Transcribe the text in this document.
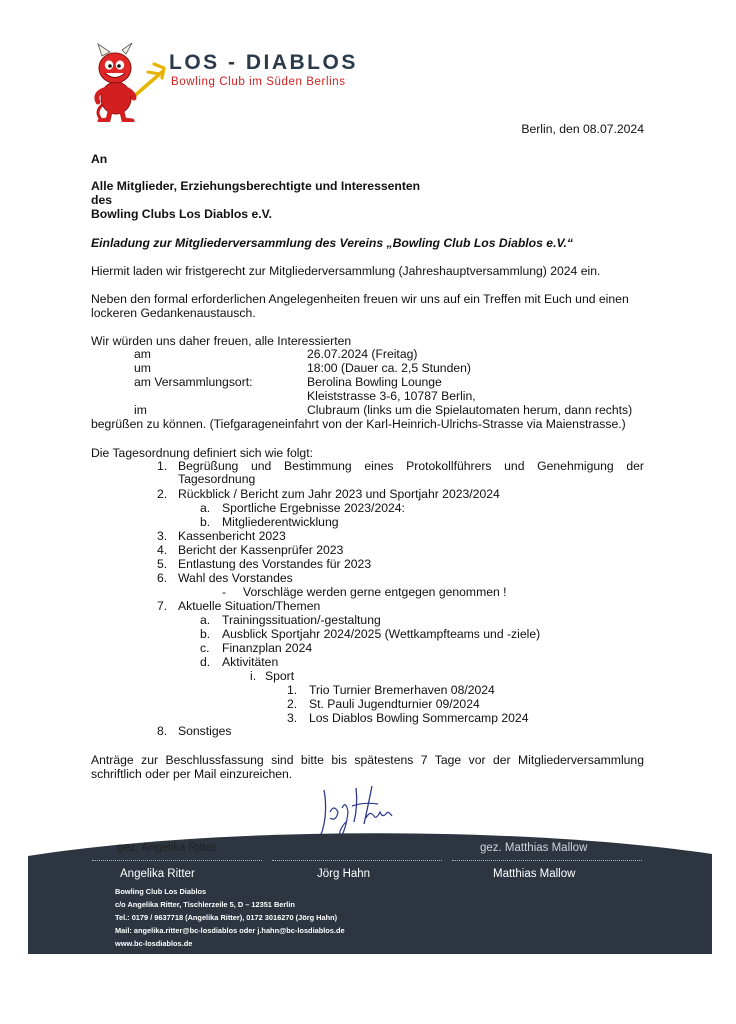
LOS - DIABLOS
Bowling Club im Süden Berlins
Berlin, den 08.07.2024
An
Alle Mitglieder, Erziehungsberechtigte und Interessenten
des
Bowling Clubs Los Diablos e.V.
Einladung zur Mitgliederversammlung des Vereins „Bowling Club Los Diablos e.V.“
Hiermit laden wir fristgerecht zur Mitgliederversammlung (Jahreshauptversammlung) 2024 ein.
Neben den formal erforderlichen Angelegenheiten freuen wir uns auf ein Treffen mit Euch und einen
lockeren Gedankenaustausch.
Wir würden uns daher freuen, alle Interessierten
am	26.07.2024 (Freitag)
um	18:00 (Dauer ca. 2,5 Stunden)
am Versammlungsort:	Berolina Bowling Lounge
Kleiststrasse 3-6, 10787 Berlin,
im	Clubraum (links um die Spielautomaten herum, dann rechts)
begrüßen zu können. (Tiefgarageneinfahrt von der Karl-Heinrich-Ulrichs-Strasse via Maienstrasse.)
Die Tagesordnung definiert sich wie folgt:
1. Begrüßung und Bestimmung eines Protokollführers und Genehmigung der
Tagesordnung
2. Rückblick / Bericht zum Jahr 2023 und Sportjahr 2023/2024
a. Sportliche Ergebnisse 2023/2024:
b. Mitgliederentwicklung
3. Kassenbericht 2023
4. Bericht der Kassenprüfer 2023
5. Entlastung des Vorstandes für 2023
6. Wahl des Vorstandes
- Vorschläge werden gerne entgegen genommen !
7. Aktuelle Situation/Themen
a. Trainingssituation/-gestaltung
b. Ausblick Sportjahr 2024/2025 (Wettkampfteams und -ziele)
c. Finanzplan 2024
d. Aktivitäten
i. Sport
1. Trio Turnier Bremerhaven 08/2024
2. St. Pauli Jugendturnier 09/2024
3. Los Diablos Bowling Sommercamp 2024
8. Sonstiges
Anträge zur Beschlussfassung sind bitte bis spätestens 7 Tage vor der Mitgliederversammlung
schriftlich oder per Mail einzureichen.
gez. Angelika Ritter	gez. Matthias Mallow
Angelika Ritter	Jörg Hahn	Matthias Mallow
Bowling Club Los Diablos
c/o Angelika Ritter, Tischlerzeile 5, D – 12351 Berlin
Tel.: 0179 / 9637718 (Angelika Ritter), 0172 3016270 (Jörg Hahn)
Mail: angelika.ritter@bc-losdiablos oder j.hahn@bc-losdiablos.de
www.bc-losdiablos.de
